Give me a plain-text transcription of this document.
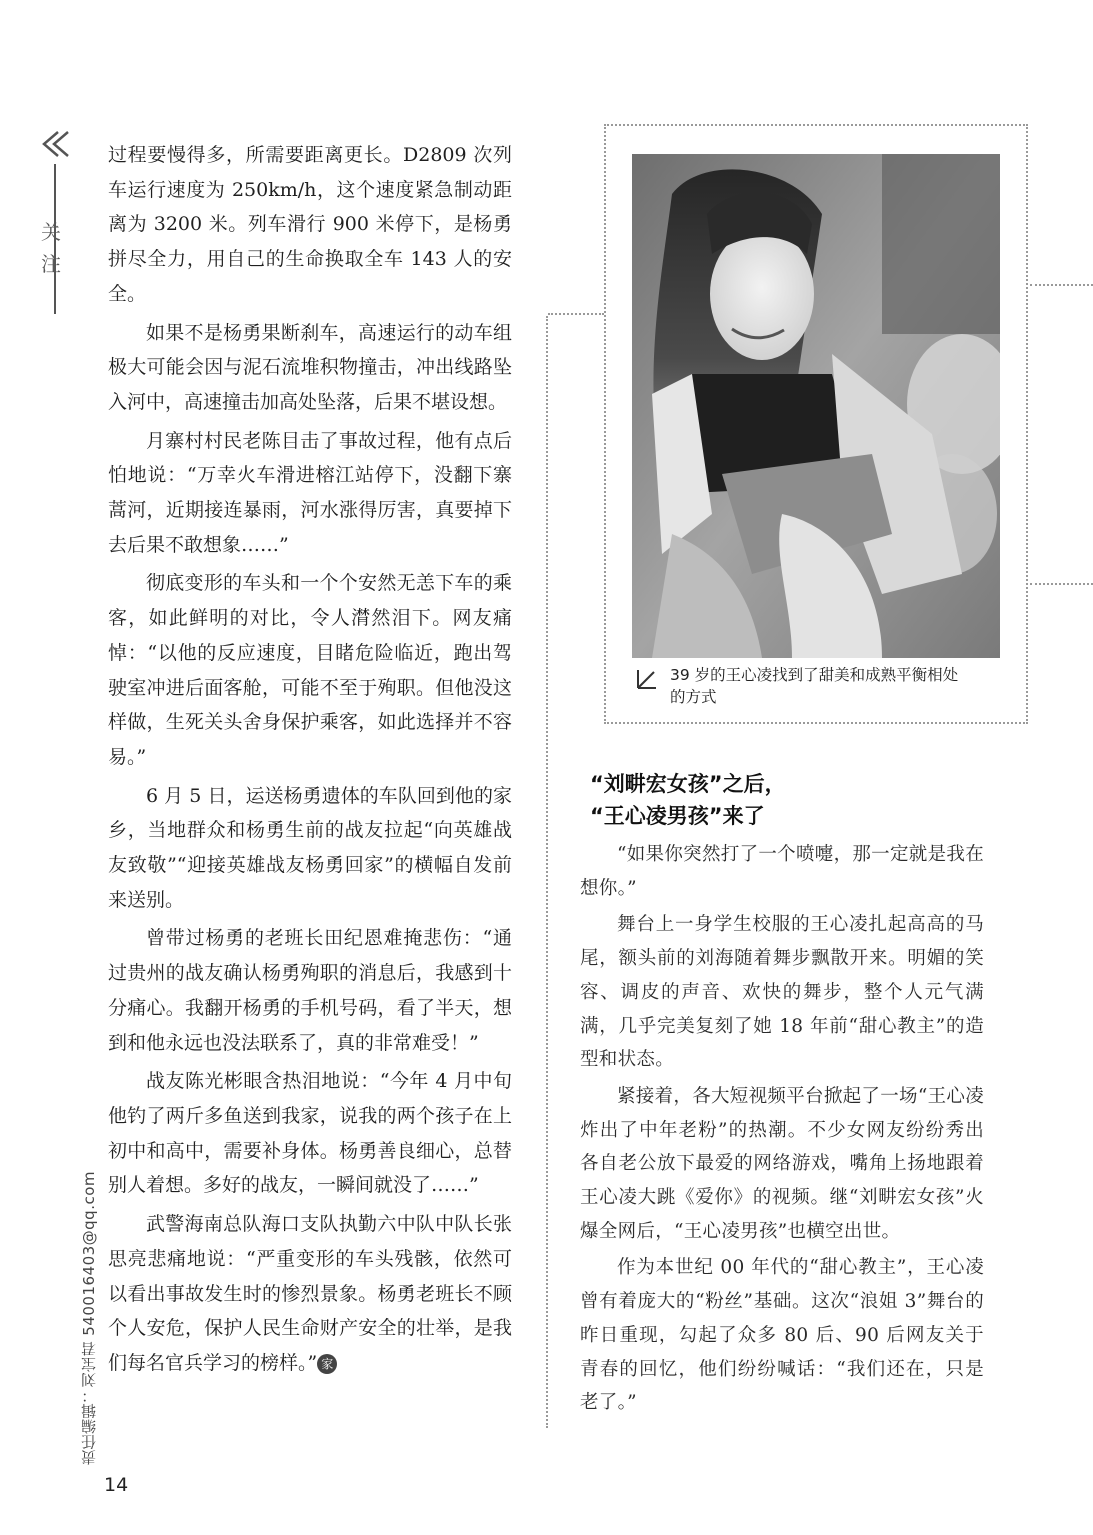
关注
责任编辑：刘宝君 540016403@qq.com

过程要慢得多，所需要距离更长。D2809 次列车运行速度为 250km/h，这个速度紧急制动距离为 3200 米。列车滑行 900 米停下，是杨勇拼尽全力，用自己的生命换取全车 143 人的安全。

如果不是杨勇果断刹车，高速运行的动车组极大可能会因与泥石流堆积物撞击，冲出线路坠入河中，高速撞击加高处坠落，后果不堪设想。

月寨村村民老陈目击了事故过程，他有点后怕地说：“万幸火车滑进榕江站停下，没翻下寨蒿河，近期接连暴雨，河水涨得厉害，真要掉下去后果不敢想象……”

彻底变形的车头和一个个安然无恙下车的乘客，如此鲜明的对比，令人潸然泪下。网友痛悼：“以他的反应速度，目睹危险临近，跑出驾驶室冲进后面客舱，可能不至于殉职。但他没这样做，生死关头舍身保护乘客，如此选择并不容易。”

6 月 5 日，运送杨勇遗体的车队回到他的家乡，当地群众和杨勇生前的战友拉起“向英雄战友致敬”“迎接英雄战友杨勇回家”的横幅自发前来送别。

曾带过杨勇的老班长田纪恩难掩悲伤：“通过贵州的战友确认杨勇殉职的消息后，我感到十分痛心。我翻开杨勇的手机号码，看了半天，想到和他永远也没法联系了，真的非常难受！”

战友陈光彬眼含热泪地说：“今年 4 月中旬他钓了两斤多鱼送到我家，说我的两个孩子在上初中和高中，需要补身体。杨勇善良细心，总替别人着想。多好的战友，一瞬间就没了……”

武警海南总队海口支队执勤六中队中队长张思亮悲痛地说：“严重变形的车头残骸，依然可以看出事故发生时的惨烈景象。杨勇老班长不顾个人安危，保护人民生命财产安全的壮举，是我们每名官兵学习的榜样。” 家

39 岁的王心凌找到了甜美和成熟平衡相处的方式
“刘畊宏女孩”之后，
“王心凌男孩”来了

“如果你突然打了一个喷嚏，那一定就是我在想你。”

舞台上一身学生校服的王心凌扎起高高的马尾，额头前的刘海随着舞步飘散开来。明媚的笑容、调皮的声音、欢快的舞步，整个人元气满满，几乎完美复刻了她 18 年前“甜心教主”的造型和状态。

紧接着，各大短视频平台掀起了一场“王心凌炸出了中年老粉”的热潮。不少女网友纷纷秀出各自老公放下最爱的网络游戏，嘴角上扬地跟着王心凌大跳《爱你》的视频。继“刘畊宏女孩”火爆全网后，“王心凌男孩”也横空出世。

作为本世纪 00 年代的“甜心教主”，王心凌曾有着庞大的“粉丝”基础。这次“浪姐 3”舞台的昨日重现，勾起了众多 80 后、90 后网友关于青春的回忆，他们纷纷喊话：“我们还在，只是老了。”

14
